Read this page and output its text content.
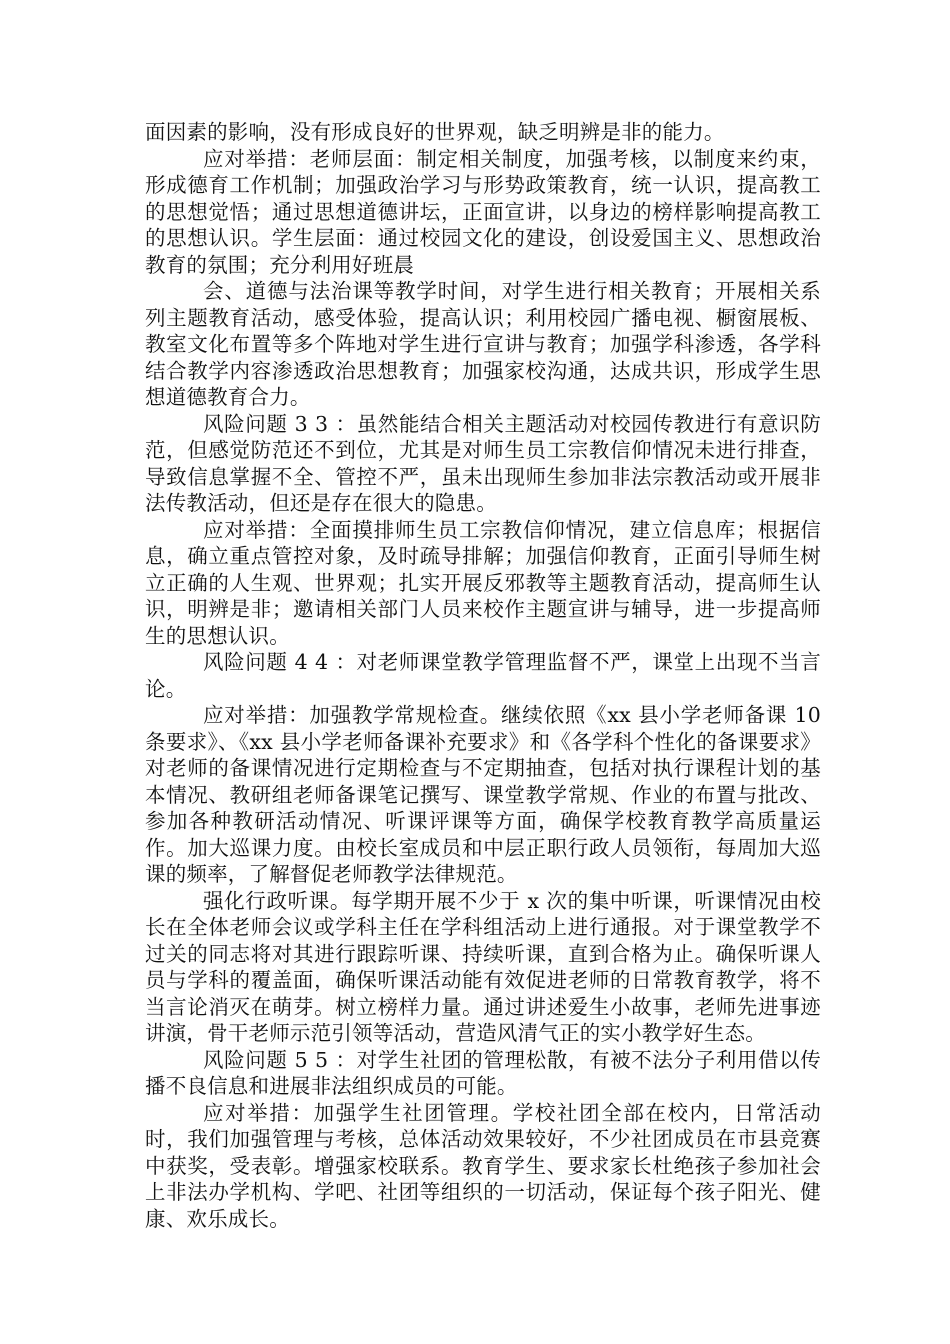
面因素的影响，没有形成良好的世界观，缺乏明辨是非的能力。

应对举措：老师层面：制定相关制度，加强考核，以制度来约束，形成德育工作机制；加强政治学习与形势政策教育，统一认识，提高教工的思想觉悟；通过思想道德讲坛，正面宣讲，以身边的榜样影响提高教工的思想认识。学生层面：通过校园文化的建设，创设爱国主义、思想政治教育的氛围；充分利用好班晨

会、道德与法治课等教学时间，对学生进行相关教育；开展相关系列主题教育活动，感受体验，提高认识；利用校园广播电视、橱窗展板、教室文化布置等多个阵地对学生进行宣讲与教育；加强学科渗透，各学科结合教学内容渗透政治思想教育；加强家校沟通，达成共识，形成学生思想道德教育合力。

风险问题 3 3 ：虽然能结合相关主题活动对校园传教进行有意识防范，但感觉防范还不到位，尤其是对师生员工宗教信仰情况未进行排查，导致信息掌握不全、管控不严，虽未出现师生参加非法宗教活动或开展非法传教活动，但还是存在很大的隐患。

应对举措：全面摸排师生员工宗教信仰情况，建立信息库；根据信息，确立重点管控对象，及时疏导排解；加强信仰教育，正面引导师生树立正确的人生观、世界观；扎实开展反邪教等主题教育活动，提高师生认识，明辨是非；邀请相关部门人员来校作主题宣讲与辅导，进一步提高师生的思想认识。

风险问题 4 4 ：对老师课堂教学管理监督不严，课堂上出现不当言论。

应对举措：加强教学常规检查。继续依照《xx 县小学老师备课 10 条要求》、《xx 县小学老师备课补充要求》和《各学科个性化的备课要求》对老师的备课情况进行定期检查与不定期抽查，包括对执行课程计划的基本情况、教研组老师备课笔记撰写、课堂教学常规、作业的布置与批改、参加各种教研活动情况、听课评课等方面，确保学校教育教学高质量运作。加大巡课力度。由校长室成员和中层正职行政人员领衔，每周加大巡课的频率，了解督促老师教学法律规范。

强化行政听课。每学期开展不少于 x 次的集中听课，听课情况由校长在全体老师会议或学科主任在学科组活动上进行通报。对于课堂教学不过关的同志将对其进行跟踪听课、持续听课，直到合格为止。确保听课人员与学科的覆盖面，确保听课活动能有效促进老师的日常教育教学，将不当言论消灭在萌芽。树立榜样力量。通过讲述爱生小故事，老师先进事迹讲演，骨干老师示范引领等活动，营造风清气正的实小教学好生态。

风险问题 5 5 ：对学生社团的管理松散，有被不法分子利用借以传播不良信息和进展非法组织成员的可能。

应对举措：加强学生社团管理。学校社团全部在校内，日常活动时，我们加强管理与考核，总体活动效果较好，不少社团成员在市县竞赛中获奖，受表彰。增强家校联系。教育学生、要求家长杜绝孩子参加社会上非法办学机构、学吧、社团等组织的一切活动，保证每个孩子阳光、健康、欢乐成长。
